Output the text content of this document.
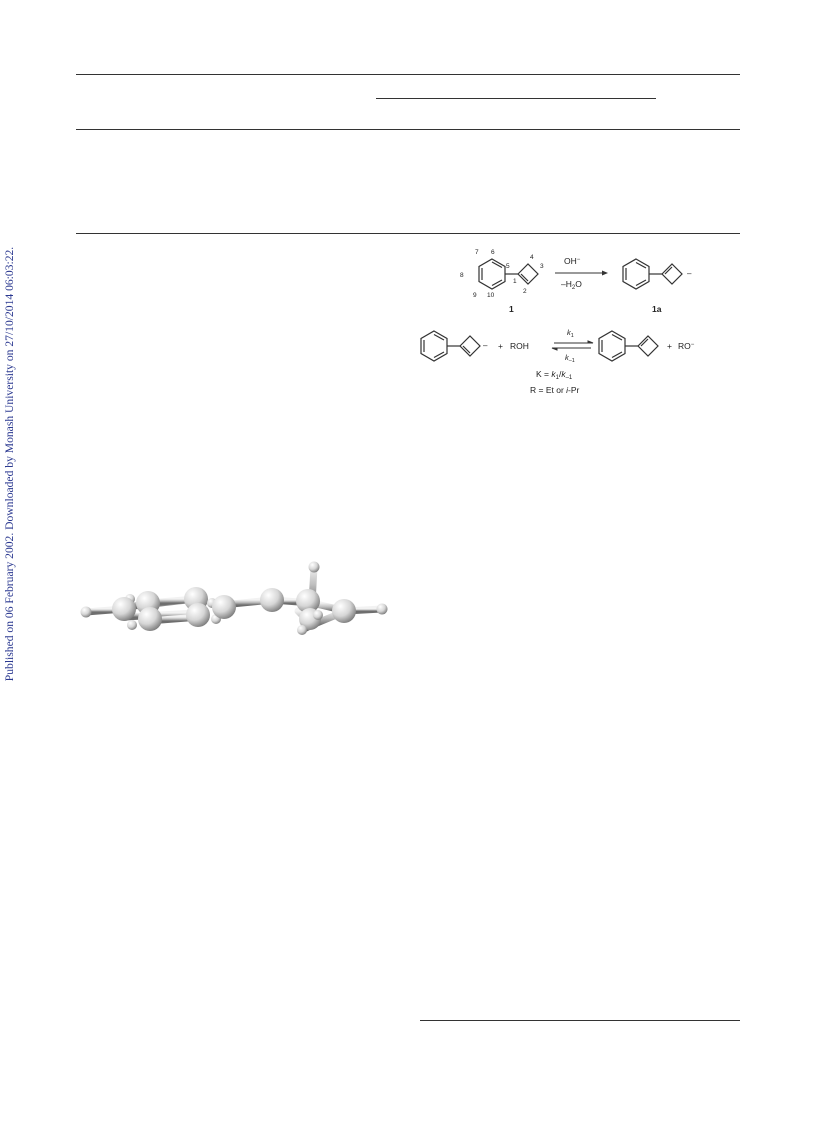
Published on 06 February 2002. Downloaded by Monash University on 27/10/2014 06:03:22.	7 6
8
9 10
5
4
3
1
2
1
OH−
$-H_2O$
–
1a
– + ROH
$k_1$
$k_{-1}$
+ RO−
$K = k_1/k_{-1}$
R = Et or i-Pr
